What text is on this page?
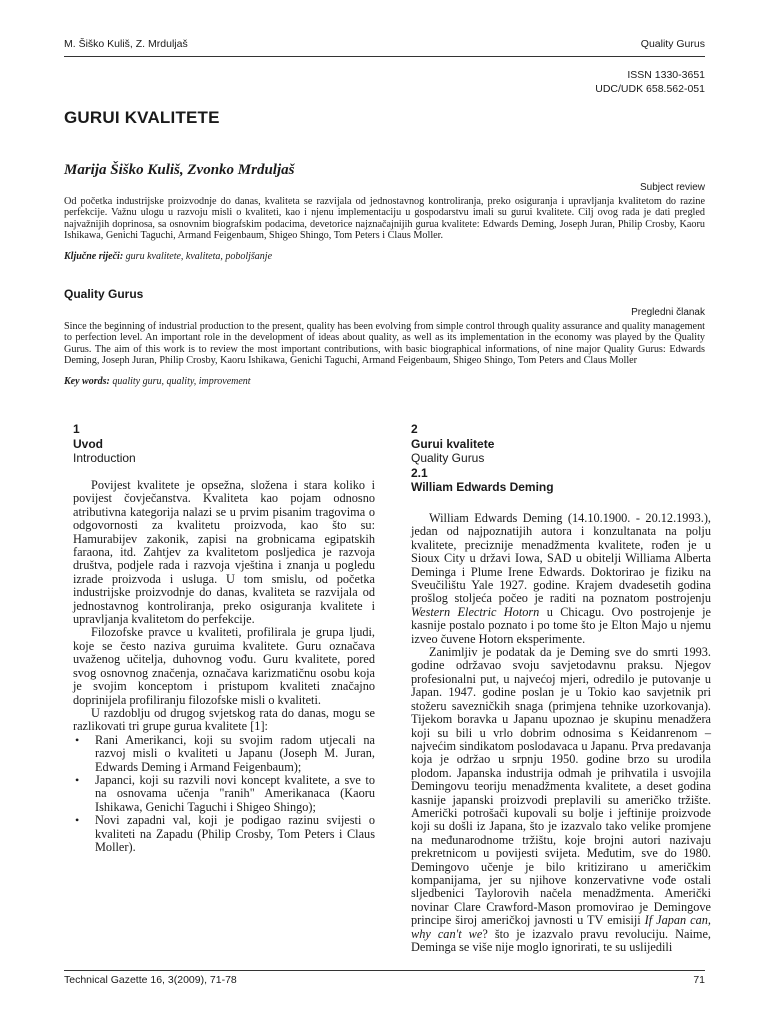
M. Šiško Kuliš, Z. Mrduljaš	Quality Gurus
ISSN 1330-3651
UDC/UDK 658.562-051
GURUI KVALITETE
Marija Šiško Kuliš, Zvonko Mrduljaš
Subject review
Od početka industrijske proizvodnje do danas, kvaliteta se razvijala od jednostavnog kontroliranja, preko osiguranja i upravljanja kvalitetom do razine perfekcije. Važnu ulogu u razvoju misli o kvaliteti, kao i njenu implementaciju u gospodarstvu imali su gurui kvalitete. Cilj ovog rada je dati pregled najvažnijih doprinosa, sa osnovnim biografskim podacima, devetorice najznačajnijih gurua kvalitete: Edwards Deming, Joseph Juran, Philip Crosby, Kaoru Ishikawa, Genichi Taguchi, Armand Feigenbaum, Shigeo Shingo, Tom Peters i Claus Moller.
Ključne riječi: guru kvalitete, kvaliteta, poboljšanje
Quality Gurus
Pregledni članak
Since the beginning of industrial production to the present, quality has been evolving from simple control through quality assurance and quality management to perfection level. An important role in the development of ideas about quality, as well as its implementation in the economy was played by the Quality Gurus. The aim of this work is to review the most important contributions, with basic biographical informations, of nine major Quality Gurus: Edwards Deming, Joseph Juran, Philip Crosby, Kaoru Ishikawa, Genichi Taguchi, Armand Feigenbaum, Shigeo Shingo, Tom Peters and Claus Moller
Key words: quality guru, quality, improvement
1
Uvod
Introduction

Povijest kvalitete je opsežna, složena i stara koliko i povijest čovječanstva. Kvaliteta kao pojam odnosno atributivna kategorija nalazi se u prvim pisanim tragovima o odgovornosti za kvalitetu proizvoda, kao što su: Hamurabijev zakonik, zapisi na grobnicama egipatskih faraona, itd. Zahtjev za kvalitetom posljedica je razvoja društva, podjele rada i razvoja vještina i znanja u pogledu izrade proizvoda i usluga. U tom smislu, od početka industrijske proizvodnje do danas, kvaliteta se razvijala od jednostavnog kontroliranja, preko osiguranja kvalitete i upravljanja kvalitetom do perfekcije.

Filozofske pravce u kvaliteti, profilirala je grupa ljudi, koje se često naziva guruima kvalitete. Guru označava uvaženog učitelja, duhovnog vođu. Guru kvalitete, pored svog osnovnog značenja, označava karizmatičnu osobu koja je svojim konceptom i pristupom kvaliteti značajno doprinijela profiliranju filozofske misli o kvaliteti.

U razdoblju od drugog svjetskog rata do danas, mogu se razlikovati tri grupe gurua kvalitete [1]:

• Rani Amerikanci, koji su svojim radom utjecali na razvoj misli o kvaliteti u Japanu (Joseph M. Juran, Edwards Deming i Armand Feigenbaum);
• Japanci, koji su razvili novi koncept kvalitete, a sve to na osnovama učenja "ranih" Amerikanaca (Kaoru Ishikawa, Genichi Taguchi i Shigeo Shingo);
• Novi zapadni val, koji je podigao razinu svijesti o kvaliteti na Zapadu (Philip Crosby, Tom Peters i Claus Moller).
2
Gurui kvalitete
Quality Gurus
2.1
William Edwards Deming

William Edwards Deming (14.10.1900. - 20.12.1993.), jedan od najpoznatijih autora i konzultanata na polju kvalitete, preciznije menadžmenta kvalitete, rođen je u Sioux City u državi Iowa, SAD u obitelji Williama Alberta Deminga i Plume Irene Edwards. Doktorirao je fiziku na Sveučilištu Yale 1927. godine. Krajem dvadesetih godina prošlog stoljeća počeo je raditi na poznatom postrojenju Western Electric Hotorn u Chicagu. Ovo postrojenje je kasnije postalo poznato i po tome što je Elton Majo u njemu izveo čuvene Hotorn eksperimente.

Zanimljiv je podatak da je Deming sve do smrti 1993. godine održavao svoju savjetodavnu praksu. Njegov profesionalni put, u najvećoj mjeri, odredilo je putovanje u Japan. 1947. godine poslan je u Tokio kao savjetnik pri stožeru savezničkih snaga (primjena tehnike uzorkovanja). Tijekom boravka u Japanu upoznao je skupinu menadžera koji su bili u vrlo dobrim odnosima s Keidanrenom – najvećim sindikatom poslodavaca u Japanu. Prva predavanja koja je održao u srpnju 1950. godine brzo su urodila plodom. Japanska industrija odmah je prihvatila i usvojila Demingovu teoriju menadžmenta kvalitete, a deset godina kasnije japanski proizvodi preplavili su američko tržište. Američki potrošači kupovali su bolje i jeftinije proizvode koji su došli iz Japana, što je izazvalo tako velike promjene na međunarodnome tržištu, koje brojni autori nazivaju prekretnicom u povijesti svijeta. Međutim, sve do 1980. Demingovo učenje je bilo kritizirano u američkim kompanijama, jer su njihove konzervativne vođe ostali sljedbenici Taylorovih načela menadžmenta. Američki novinar Clare Crawford-Mason promovirao je Demingove principe široj američkoj javnosti u TV emisiji If Japan can, why can't we? što je izazvalo pravu revoluciju. Naime, Deminga se više nije moglo ignorirati, te su uslijedili

Technical Gazette 16, 3(2009), 71-78	71
